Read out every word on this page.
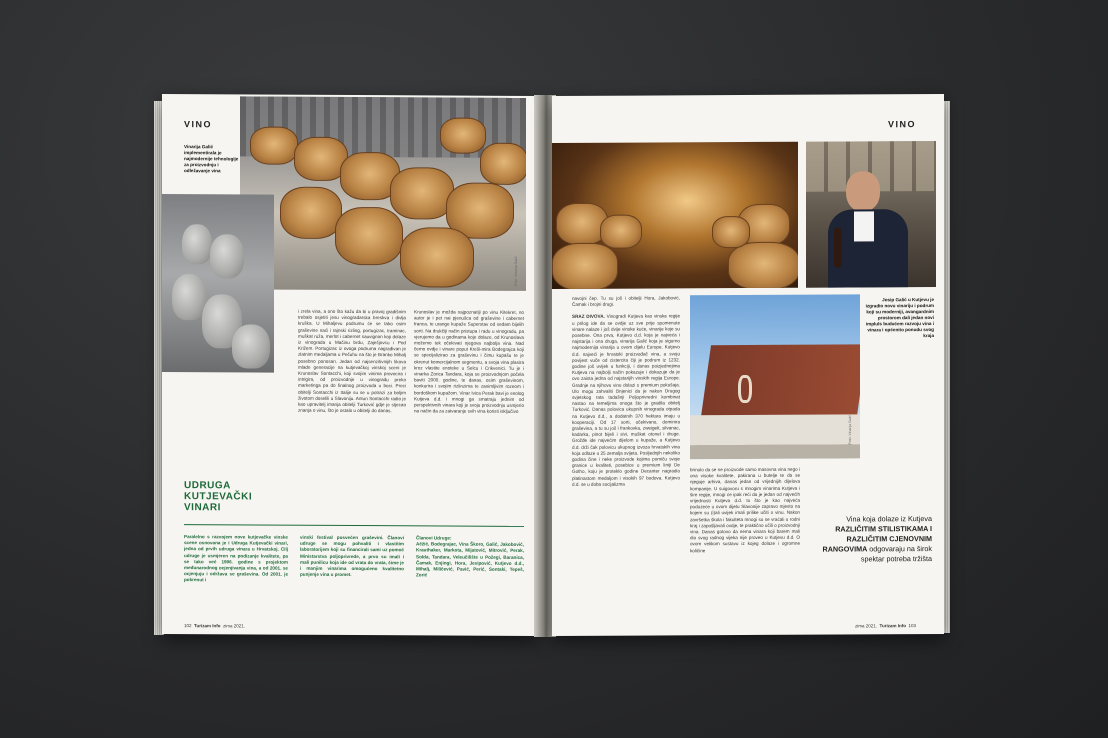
VINO
Foto: Vinarija Galić
Vinarija Galić implementirala je najmodernije tehnologije za proizvodnju i odležavanje vina
i zrela vina, a ono što kažu da bi u pravoj gradišnim trebalo osjetiti jesu vinogradarska breskva i divlja kruška. U Mihaljevu podrumu će se tako osim graševine naći i rajnski rizling, portugizac, traminac, muškat ruža, merlot i cabernet sauvignon koji dolaze iz vinograda u Mačinu brdu, Zaječjovcu i Pod Križem. Portugizac iz ovoga podruma nagrađivan je zlatnim medaljama u Pečuhu na što je Branko Mihalj posebno ponosan. Jedan od najsenzitivnijih likova mlade generacije na kutjevačkoj vinskoj sceni je Krunoslav Sontacchi, koji svojim vinima provocira i intrigira, od proizvodnje u vinogradu preko marketinga pa do finalnog proizvoda u boci. Preci obitelji Sontacchi iz Italije su se u potrazi za boljim životom doselili u Slavoniju. Antun Sontacchi radio je kao upravitelj imanja obitelji Turković gdje je stjecao znanja o vinu, što je ostalo u obitelji do danas.
Krunoslav je možda najpoznatiji po vinu Kitekret, no autor je i pet nai pjenušca od graševine i cabernet franca, te urange kupaže Superstav od sedam bijelih sorti. Na drukčiji način pristupa i radu u vinogradu, pa vjerujemo da u godinama koje dolaze, od Krunoslava možemo tek očekivati njegova najbolja vina. Nad čemo ovdje i vinare poput Kreši-mira Bodegrajca koji se specijalizirao za graševinu i čimu kupašu te je okrenut komercijalnom segmentu, a svoja vina plasira kroz vlastite enoteke u Selcu i Crikvenici. Tu je i vinarka Zorica Tandara, koja se proizvodnjom počela baviti 2000. godine, te danas, osim graševinom, konkurira i svojim rizlinzima te zanimljivim rozeom i bordoškom kupažom. Vinar Ivica Perak bavi je enolog Kutjeva d.d. i mnogi ga smatraju jednim od perspektivnih vinara koji je svoju proizvodnju usmjerio na način da za zatvaranje svih vina koristi isključivo
UDRUGA KUTJEVAČKI VINARI
Paralelno s razvojem nove kutjevačke vinske scene osnovana je i Udruga Kutjevački vinari, jedna od prvih udruga vinara u Hrvatskoj. Cilj udruge je usmjeren na podizanje kvalitete, pa se tako već 1996. godine s projektom međunarodnog ocjenjivanja vina, a od 2001. se ocjenjuju i održava se graševina. Od 2001. je pokrenut i
vinski festival posvećen graševini. Članovi udruge se mogu pohvaliti i vlastitim laboratorijem koji su financirali sami uz pomoć Ministarstva poljoprivrede, a prvo su imali i mali punilicu koja ide od vrata do vrata, čime je i manjim vinarima omogućeno kvalitetno punjenje vina u promet.
Članovi Udruge:
Ačžić, Bodegrajac, Vina Škoro, Galić, Jakobović, Krauthaker, Markota, Mijatović, Mitrović, Perak, Solda, Tandara, Veleučilište u Požegi, Baranica, Čamak, Enjingi, Hora, Jesipović, Kutjevo d.d., Mihalj, Miličević, Pavić, Perić, Sontaki, Tepeš, Zorić
102 Turizam Info zima 2021.
VINO
Foto: Vinarija Galić
Josip Galić u Kutjevu je izgradio novu vinariju i podrum koji su moderniji, avangardnim prostorom dali jedan novi impluls budućem razvoju vina i vinara i općenito ponudu svog kraja

navojni čep. Tu su još i obitelji Hora, Jakobović, Čamak i brojni drugi.

SRAZ DIVOVA. Vinogradi Kutjeva kao vinske regije u prilog ide da se ovdje uz sve prije spomenute vinare nalaze i još dvije vinske kuće, vinarije koje su posebne. Ona prva, Kutjevo d.d. koja je najveća i najstarija i ona druga, vinarija Galić koja je sigurno najmodernija vinarija u ovom dijelu Europe. Kutjevo d.d. najveći je hrvatski proizvođač vina, a svoju povijest vuče od cistercita čiji je podrum iz 1232. godine još uvijek u funkciji, i danas poizjednejima Kutjeva na najbolji način pokazuje i dokazuje da je ovo zaista jedna od najstarijih vinskih regija Europe. Gradnje na njihovu vinu dolazi s premium pokušaja. Ulo mogu zahvaliti činjenici da je nakon Drugog svjetskog rata tadašnji Poljoprivredni kombinat nastao na temeljima onoga što je gradila obitelj Turković. Danas polovica ukupnih vinograda otpada na Kutjevo d.d., a dodatnih 370 hektara imaju u kooperaciji. Od 17 sorti, očekivano, dominira graševina, a tu su još i frankovka, zweigelt, silvanac, kadarka, pinot bijeli i sivi, muškat otonel i druge. Grožđe ide najvećim dijelom u kupaže, a Kutjevo d.d. drži čak polovicu ukupnog izvoza hrvatskih vina koja odlaze u 25 zemalja svijeta. Posljednjih nekoliko godina čine i neke proizvode kojima pomiču svoje granice u kvaliteti, posebice u premium liniji De Gotho, koju je proteklo godine Decanter nagradio platinastom medaljom i visokih 97 bodova. Kutjevo d.d. se u doba socijalizma

brinulo da se ne proizvode samo masovna vina nego i ona visoke kvalitete, pakirana u butelje te da se njeguje arhiva, danas jedan od vrijednijih dijelova kompanije. U suigovoru s mnogim vinarima Kutjeva i šire regije, mnogi će ipak reći da je jedan od najvećih vrijednosti Kutjeva d.d. to što je kao najveća poduzeće u ovom dijelu Slavonije zapravo mjesto na kojem su (i)ali uvijek imali prilike učiti o vinu. Nakon završetka škola i fakulteta mnogi su se vraćali u rodni kraj i zapošljavali ovdje, te praktično učili o proizvodnji vina. Danas gotovo da nema vinara koji barem mali dio svog radnog vijeka nije proveo u Kutjevu d.d. O ovom velikom sustavu iz kojeg dolaze i ogromne količine
Vina koja dolaze iz Kutjeva RAZLIČITIM STILISTIKAMA I RAZLIČITIM CJENOVNIM RANGOVIMA odgovaraju na širok spektar potreba tržišta
zima 2021. Turizam Info 103
